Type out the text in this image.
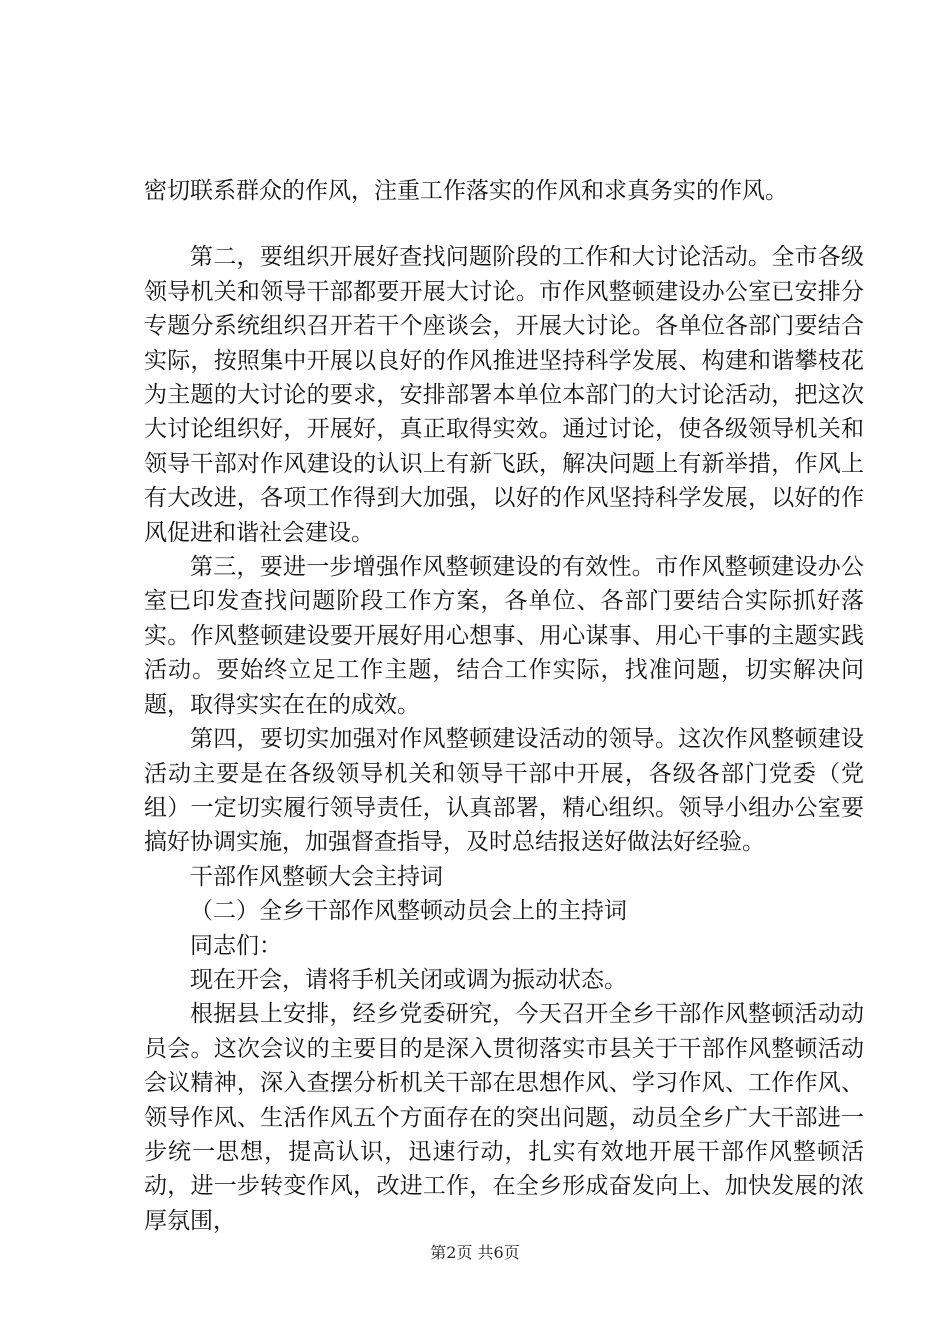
密切联系群众的作风，注重工作落实的作风和求真务实的作风。

第二，要组织开展好查找问题阶段的工作和大讨论活动。全市各级领导机关和领导干部都要开展大讨论。市作风整顿建设办公室已安排分专题分系统组织召开若干个座谈会，开展大讨论。各单位各部门要结合实际，按照集中开展以良好的作风推进坚持科学发展、构建和谐攀枝花为主题的大讨论的要求，安排部署本单位本部门的大讨论活动，把这次大讨论组织好，开展好，真正取得实效。通过讨论，使各级领导机关和领导干部对作风建设的认识上有新飞跃，解决问题上有新举措，作风上有大改进，各项工作得到大加强，以好的作风坚持科学发展，以好的作风促进和谐社会建设。

第三，要进一步增强作风整顿建设的有效性。市作风整顿建设办公室已印发查找问题阶段工作方案，各单位、各部门要结合实际抓好落实。作风整顿建设要开展好用心想事、用心谋事、用心干事的主题实践活动。要始终立足工作主题，结合工作实际，找准问题，切实解决问题，取得实实在在的成效。

第四，要切实加强对作风整顿建设活动的领导。这次作风整顿建设活动主要是在各级领导机关和领导干部中开展，各级各部门党委（党组）一定切实履行领导责任，认真部署，精心组织。领导小组办公室要搞好协调实施，加强督查指导，及时总结报送好做法好经验。

干部作风整顿大会主持词

（二）全乡干部作风整顿动员会上的主持词

同志们：

现在开会，请将手机关闭或调为振动状态。

根据县上安排，经乡党委研究，今天召开全乡干部作风整顿活动动员会。这次会议的主要目的是深入贯彻落实市县关于干部作风整顿活动会议精神，深入查摆分析机关干部在思想作风、学习作风、工作作风、领导作风、生活作风五个方面存在的突出问题，动员全乡广大干部进一步统一思想，提高认识，迅速行动，扎实有效地开展干部作风整顿活动，进一步转变作风，改进工作，在全乡形成奋发向上、加快发展的浓厚氛围，

第2页 共6页
